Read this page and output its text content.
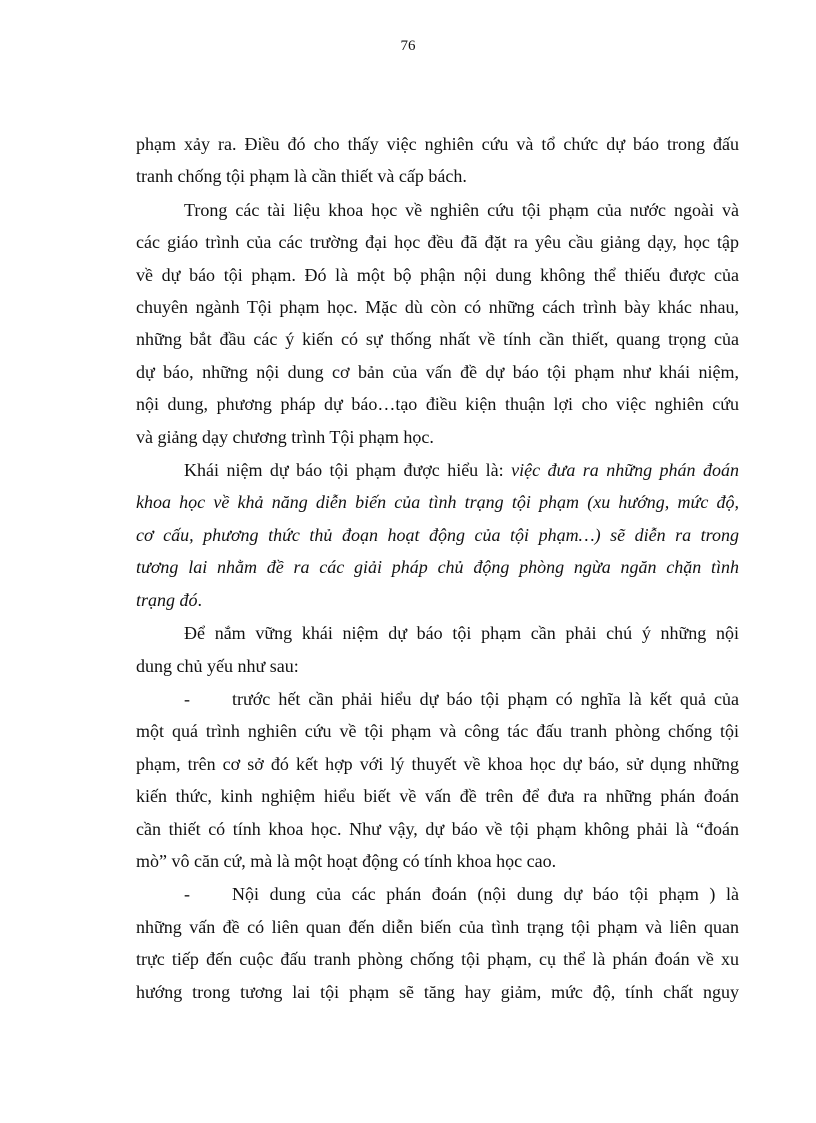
76
phạm xảy ra. Điều đó cho thấy việc nghiên cứu và tổ chức dự báo trong đấu
tranh chống tội phạm là cần thiết và cấp bách.
Trong các tài liệu khoa học về nghiên cứu tội phạm của nước ngoài và
các giáo trình của các trường đại học đều đã đặt ra yêu cầu giảng dạy, học tập
về dự báo tội phạm. Đó là một bộ phận nội dung không thể thiếu được của
chuyên ngành Tội phạm học. Mặc dù còn có những cách trình bày khác nhau,
những bắt đầu các ý kiến có sự thống nhất về tính cần thiết, quang trọng của
dự báo, những nội dung cơ bản của vấn đề dự báo tội phạm như khái niệm,
nội dung, phương pháp dự báo…tạo điều kiện thuận lợi cho việc nghiên cứu
và giảng dạy chương trình Tội phạm học.
Khái niệm dự báo tội phạm được hiểu là: việc đưa ra những phán đoán
khoa học về khả năng diễn biến của tình trạng tội phạm (xu hướng, mức độ,
cơ cấu, phương thức thủ đoạn hoạt động của tội phạm…) sẽ diễn ra trong
tương lai nhằm đề ra các giải pháp chủ động phòng ngừa ngăn chặn tình
trạng đó.
Để nắm vững khái niệm dự báo tội phạm cần phải chú ý những nội
dung chủ yếu như sau:
-	trước hết cần phải hiểu dự báo tội phạm có nghĩa là kết quả của
một quá trình nghiên cứu về tội phạm và công tác đấu tranh phòng chống tội
phạm, trên cơ sở đó kết hợp với lý thuyết về khoa học dự báo, sử dụng những
kiến thức, kinh nghiệm hiểu biết về vấn đề trên để đưa ra những phán đoán
cần thiết có tính khoa học. Như vậy, dự báo về tội phạm không phải là “đoán
mò” vô căn cứ, mà là một hoạt động có tính khoa học cao.
-	Nội dung của các phán đoán (nội dung dự báo tội phạm ) là
những vấn đề có liên quan đến diễn biến của tình trạng tội phạm và liên quan
trực tiếp đến cuộc đấu tranh phòng chống tội phạm, cụ thể là phán đoán về xu
hướng trong tương lai tội phạm sẽ tăng hay giảm, mức độ, tính chất nguy
